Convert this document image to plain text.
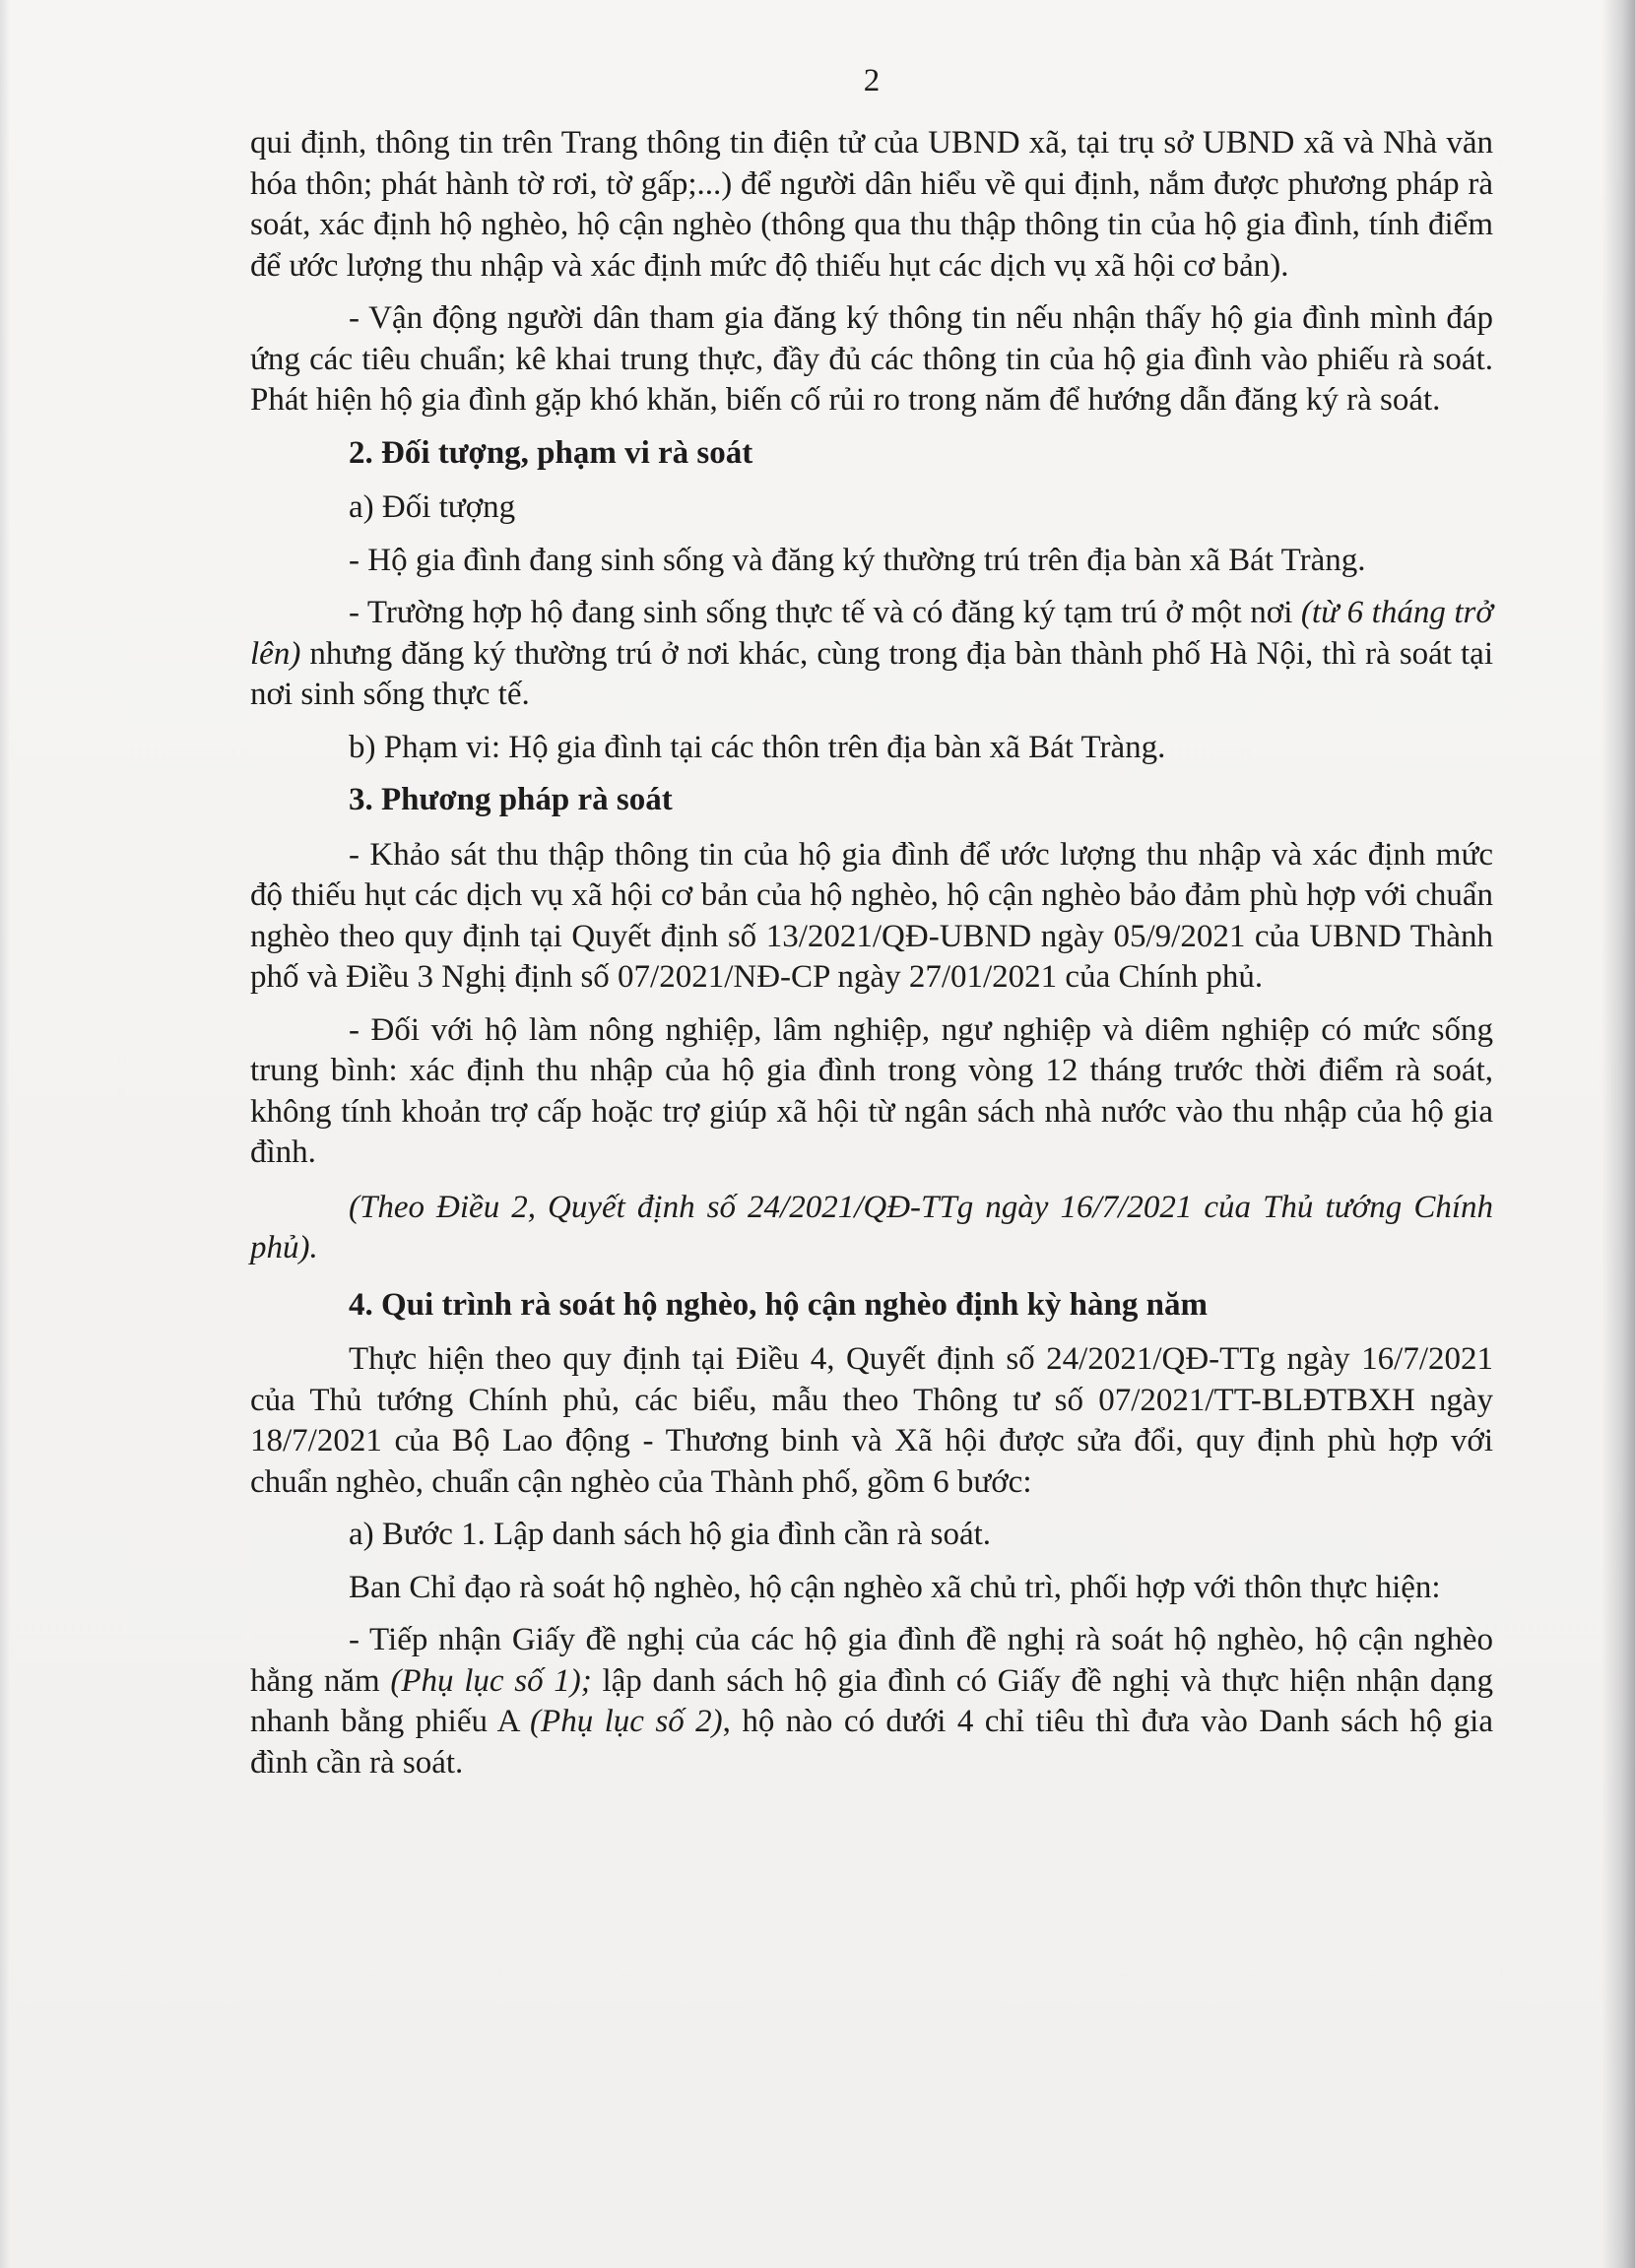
2

qui định, thông tin trên Trang thông tin điện tử của UBND xã, tại trụ sở UBND xã và Nhà văn hóa thôn; phát hành tờ rơi, tờ gấp;...) để người dân hiểu về qui định, nắm được phương pháp rà soát, xác định hộ nghèo, hộ cận nghèo (thông qua thu thập thông tin của hộ gia đình, tính điểm để ước lượng thu nhập và xác định mức độ thiếu hụt các dịch vụ xã hội cơ bản).

- Vận động người dân tham gia đăng ký thông tin nếu nhận thấy hộ gia đình mình đáp ứng các tiêu chuẩn; kê khai trung thực, đầy đủ các thông tin của hộ gia đình vào phiếu rà soát. Phát hiện hộ gia đình gặp khó khăn, biến cố rủi ro trong năm để hướng dẫn đăng ký rà soát.

2. Đối tượng, phạm vi rà soát

a) Đối tượng

- Hộ gia đình đang sinh sống và đăng ký thường trú trên địa bàn xã Bát Tràng.

- Trường hợp hộ đang sinh sống thực tế và có đăng ký tạm trú ở một nơi (từ 6 tháng trở lên) nhưng đăng ký thường trú ở nơi khác, cùng trong địa bàn thành phố Hà Nội, thì rà soát tại nơi sinh sống thực tế.

b) Phạm vi: Hộ gia đình tại các thôn trên địa bàn xã Bát Tràng.

3. Phương pháp rà soát

- Khảo sát thu thập thông tin của hộ gia đình để ước lượng thu nhập và xác định mức độ thiếu hụt các dịch vụ xã hội cơ bản của hộ nghèo, hộ cận nghèo bảo đảm phù hợp với chuẩn nghèo theo quy định tại Quyết định số 13/2021/QĐ-UBND ngày 05/9/2021 của UBND Thành phố và Điều 3 Nghị định số 07/2021/NĐ-CP ngày 27/01/2021 của Chính phủ.

- Đối với hộ làm nông nghiệp, lâm nghiệp, ngư nghiệp và diêm nghiệp có mức sống trung bình: xác định thu nhập của hộ gia đình trong vòng 12 tháng trước thời điểm rà soát, không tính khoản trợ cấp hoặc trợ giúp xã hội từ ngân sách nhà nước vào thu nhập của hộ gia đình.

(Theo Điều 2, Quyết định số 24/2021/QĐ-TTg ngày 16/7/2021 của Thủ tướng Chính phủ).

4. Qui trình rà soát hộ nghèo, hộ cận nghèo định kỳ hàng năm

Thực hiện theo quy định tại Điều 4, Quyết định số 24/2021/QĐ-TTg ngày 16/7/2021 của Thủ tướng Chính phủ, các biểu, mẫu theo Thông tư số 07/2021/TT-BLĐTBXH ngày 18/7/2021 của Bộ Lao động - Thương binh và Xã hội được sửa đổi, quy định phù hợp với chuẩn nghèo, chuẩn cận nghèo của Thành phố, gồm 6 bước:

a) Bước 1. Lập danh sách hộ gia đình cần rà soát.

Ban Chỉ đạo rà soát hộ nghèo, hộ cận nghèo xã chủ trì, phối hợp với thôn thực hiện:

- Tiếp nhận Giấy đề nghị của các hộ gia đình đề nghị rà soát hộ nghèo, hộ cận nghèo hằng năm (Phụ lục số 1); lập danh sách hộ gia đình có Giấy đề nghị và thực hiện nhận dạng nhanh bằng phiếu A (Phụ lục số 2), hộ nào có dưới 4 chỉ tiêu thì đưa vào Danh sách hộ gia đình cần rà soát.
